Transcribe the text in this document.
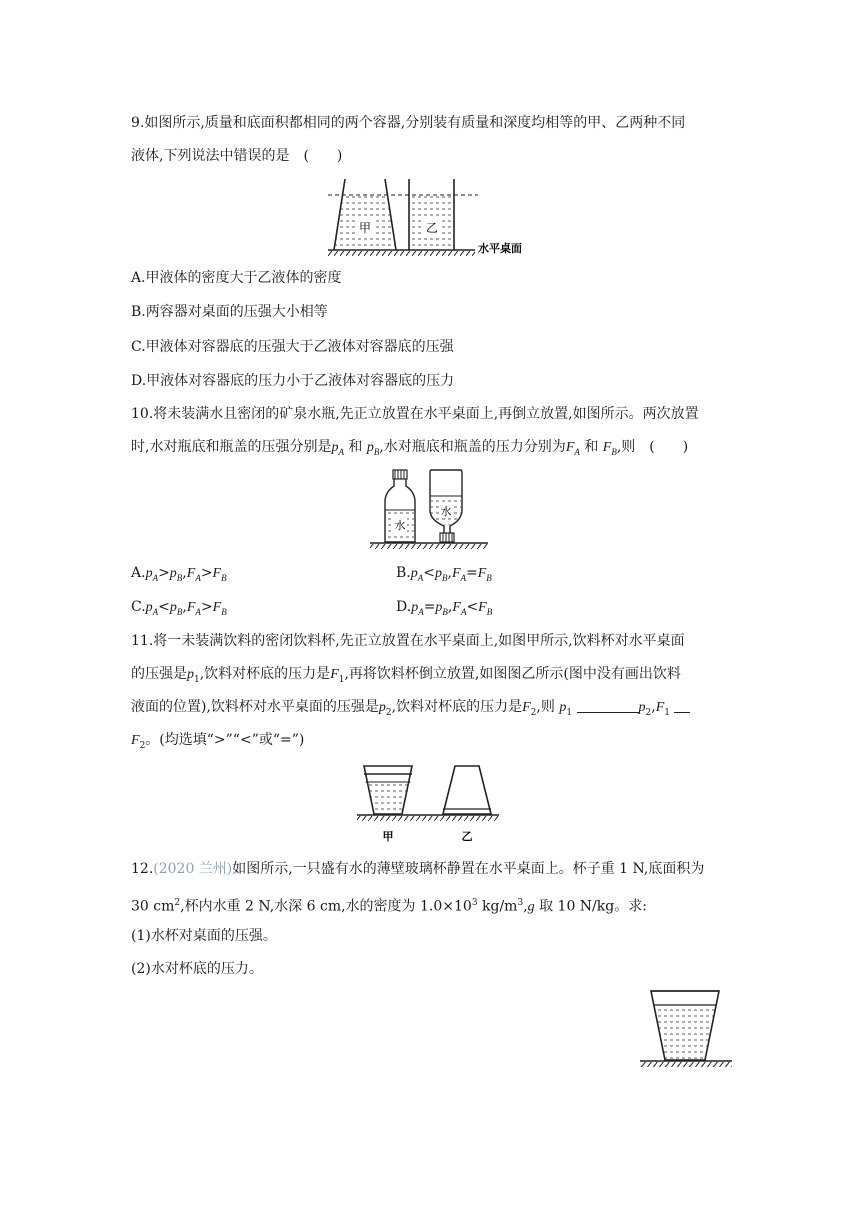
9.如图所示,质量和底面积都相同的两个容器,分别装有质量和深度均相等的甲、乙两种不同
液体,下列说法中错误的是　(　　)
甲	乙
水平桌面
A.甲液体的密度大于乙液体的密度
B.两容器对桌面的压强大小相等
C.甲液体对容器底的压强大于乙液体对容器底的压强
D.甲液体对容器底的压力小于乙液体对容器底的压力
10.将未装满水且密闭的矿泉水瓶,先正立放置在水平桌面上,再倒立放置,如图所示。两次放置
时,水对瓶底和瓶盖的压强分别是$p_A$ 和 $p_B$,水对瓶底和瓶盖的压力分别为$F_A$ 和 $F_B$,则　(　　)
水
水
$A.p_A>p_B,F_A>F_B$	$B.p_A<p_B,F_A=F_B$
$C.p_A<p_B,F_A>F_B$	$D.p_A=p_B,F_A<F_B$
11.将一未装满饮料的密闭饮料杯,先正立放置在水平桌面上,如图甲所示,饮料杯对水平桌面
的压强是$p_1$,饮料对杯底的压力是$F_1$,再将饮料杯倒立放置,如图图乙所示(图中没有画出饮料
液面的位置),饮料杯对水平桌面的压强是$p_2$,饮料对杯底的压力是$F_2$,则 $p_1$	$p_2,F_1$
$F_2$。(均选填“>”“<”或“=”)
甲	乙
12.(2020 兰州)如图所示,一只盛有水的薄壁玻璃杯静置在水平桌面上。杯子重 1 N,底面积为
30 $cm^2$,杯内水重 2 N,水深 6 cm,水的密度为 $1.0\times 10^3$ $kg/m^3,g$ 取 10 N/kg。求:
(1)水杯对桌面的压强。
(2)水对杯底的压力。
